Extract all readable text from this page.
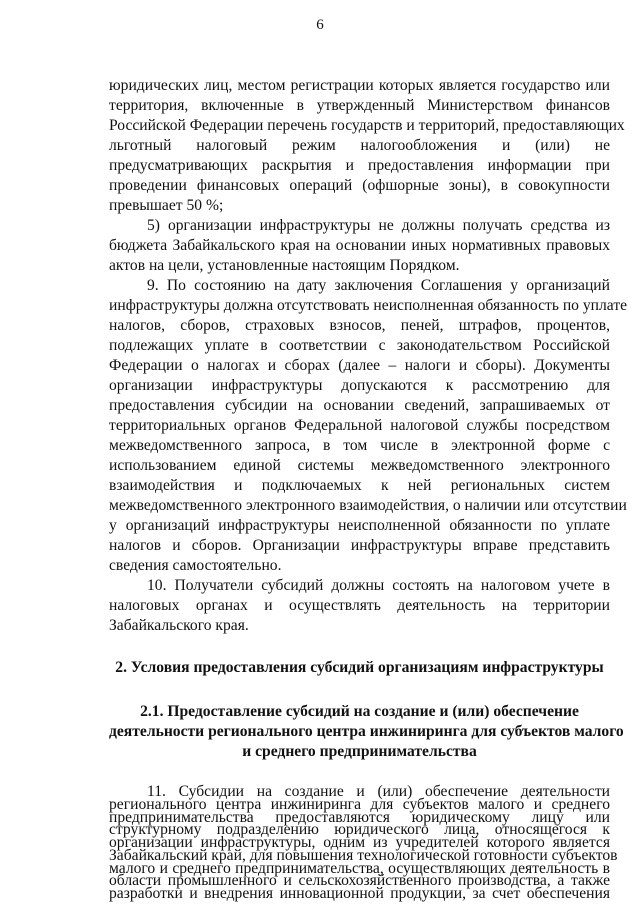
6
юридических лиц, местом регистрации которых является государство или
территория, включенные в утвержденный Министерством финансов
Российской Федерации перечень государств и территорий, предоставляющих
льготный налоговый режим налогообложения и (или) не
предусматривающих раскрытия и предоставления информации при
проведении финансовых операций (офшорные зоны), в совокупности
превышает 50 %;
5) организации инфраструктуры не должны получать средства из
бюджета Забайкальского края на основании иных нормативных правовых
актов на цели, установленные настоящим Порядком.
9. По состоянию на дату заключения Соглашения у организаций
инфраструктуры должна отсутствовать неисполненная обязанность по уплате
налогов, сборов, страховых взносов, пеней, штрафов, процентов,
подлежащих уплате в соответствии с законодательством Российской
Федерации о налогах и сборах (далее – налоги и сборы). Документы
организации инфраструктуры допускаются к рассмотрению для
предоставления субсидии на основании сведений, запрашиваемых от
территориальных органов Федеральной налоговой службы посредством
межведомственного запроса, в том числе в электронной форме с
использованием единой системы межведомственного электронного
взаимодействия и подключаемых к ней региональных систем
межведомственного электронного взаимодействия, о наличии или отсутствии
у организаций инфраструктуры неисполненной обязанности по уплате
налогов и сборов. Организации инфраструктуры вправе представить
сведения самостоятельно.
10. Получатели субсидий должны состоять на налоговом учете в
налоговых органах и осуществлять деятельность на территории
Забайкальского края.
2. Условия предоставления субсидий организациям инфраструктуры
2.1. Предоставление субсидий на создание и (или) обеспечение
деятельности регионального центра инжиниринга для субъектов малого
и среднего предпринимательства
11. Субсидии на создание и (или) обеспечение деятельности
регионального центра инжиниринга для субъектов малого и среднего
предпринимательства предоставляются юридическому лицу или
структурному подразделению юридического лица, относящегося к
организации инфраструктуры, одним из учредителей которого является
Забайкальский край, для повышения технологической готовности субъектов
малого и среднего предпринимательства, осуществляющих деятельность в
области промышленного и сельскохозяйственного производства, а также
разработки и внедрения инновационной продукции, за счет обеспечения
